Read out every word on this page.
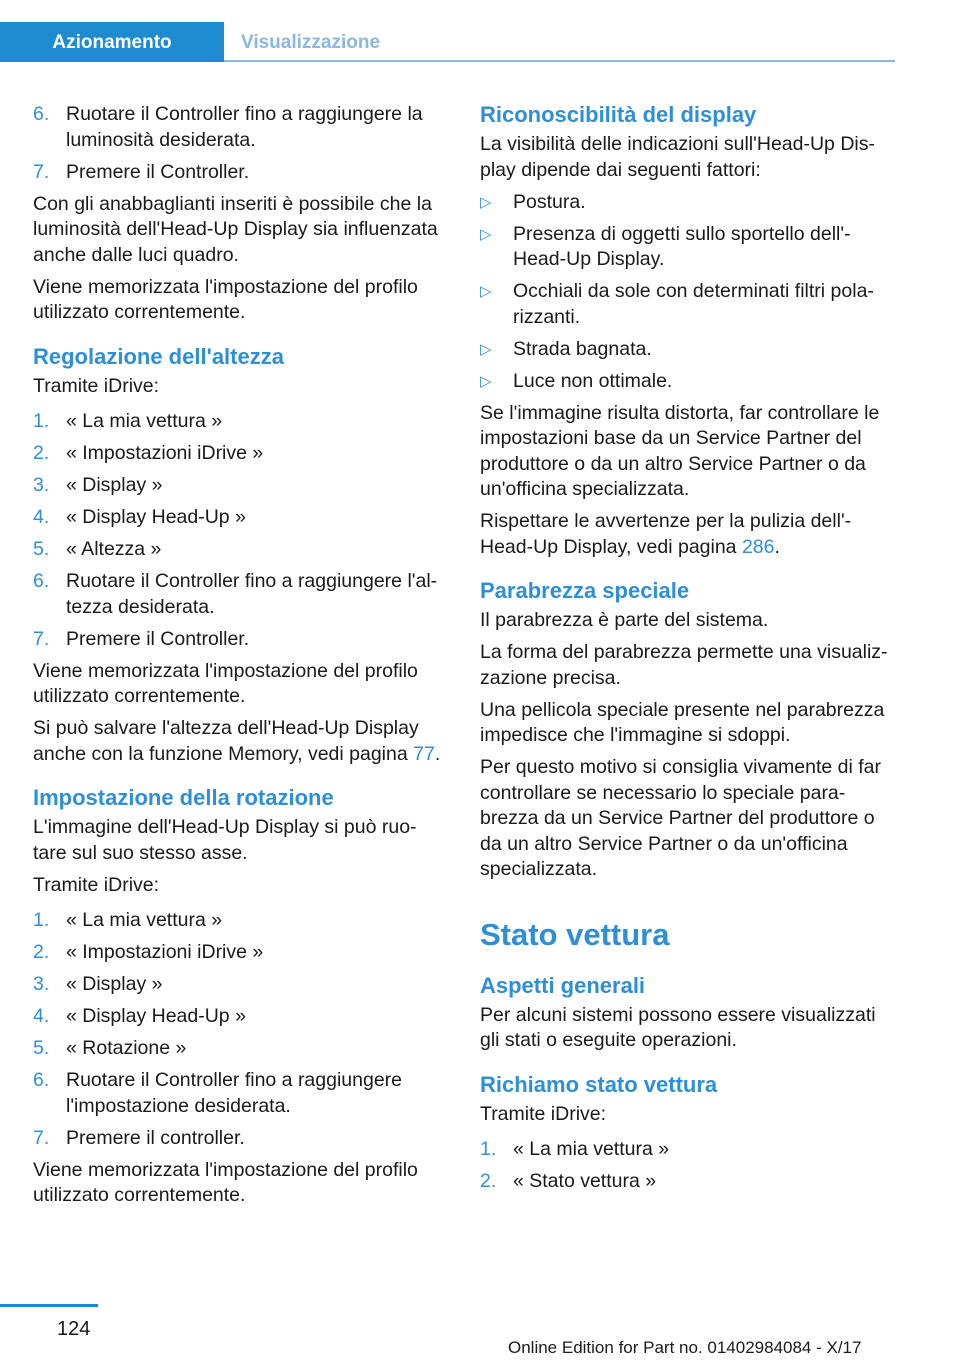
Azionamento	Visualizzazione
6. Ruotare il Controller fino a raggiungere la luminosità desiderata.
7. Premere il Controller.

Con gli anabbaglianti inseriti è possibile che la luminosità dell'Head-Up Display sia influenzata anche dalle luci quadro.

Viene memorizzata l'impostazione del profilo utilizzato correntemente.

Regolazione dell'altezza

Tramite iDrive:

1. « La mia vettura »
2. « Impostazioni iDrive »
3. « Display »
4. « Display Head-Up »
5. « Altezza »
6. Ruotare il Controller fino a raggiungere l'al‐tezza desiderata.
7. Premere il Controller.

Viene memorizzata l'impostazione del profilo utilizzato correntemente.

Si può salvare l'altezza dell'Head-Up Display anche con la funzione Memory, vedi pagina 77.

Impostazione della rotazione

L'immagine dell'Head-Up Display si può ruo‐tare sul suo stesso asse.

Tramite iDrive:

1. « La mia vettura »
2. « Impostazioni iDrive »
3. « Display »
4. « Display Head-Up »
5. « Rotazione »
6. Ruotare il Controller fino a raggiungere l'impostazione desiderata.
7. Premere il controller.

Viene memorizzata l'impostazione del profilo utilizzato correntemente.

Riconoscibilità del display

La visibilità delle indicazioni sull'Head-Up Dis‐play dipende dai seguenti fattori:

▷ Postura.
▷ Presenza di oggetti sullo sportello dell'‐Head-Up Display.
▷ Occhiali da sole con determinati filtri pola‐rizzanti.
▷ Strada bagnata.
▷ Luce non ottimale.

Se l'immagine risulta distorta, far controllare le impostazioni base da un Service Partner del produttore o da un altro Service Partner o da un'officina specializzata.

Rispettare le avvertenze per la pulizia dell'‐Head-Up Display, vedi pagina 286.

Parabrezza speciale

Il parabrezza è parte del sistema.

La forma del parabrezza permette una visualiz‐zazione precisa.

Una pellicola speciale presente nel parabrezza impedisce che l'immagine si sdoppi.

Per questo motivo si consiglia vivamente di far controllare se necessario lo speciale para‐brezza da un Service Partner del produttore o da un altro Service Partner o da un'officina specializzata.

Stato vettura
Aspetti generali

Per alcuni sistemi possono essere visualizzati gli stati o eseguite operazioni.

Richiamo stato vettura

Tramite iDrive:

1. « La mia vettura »
2. « Stato vettura »
124
Online Edition for Part no. 01402984084 - X/17
